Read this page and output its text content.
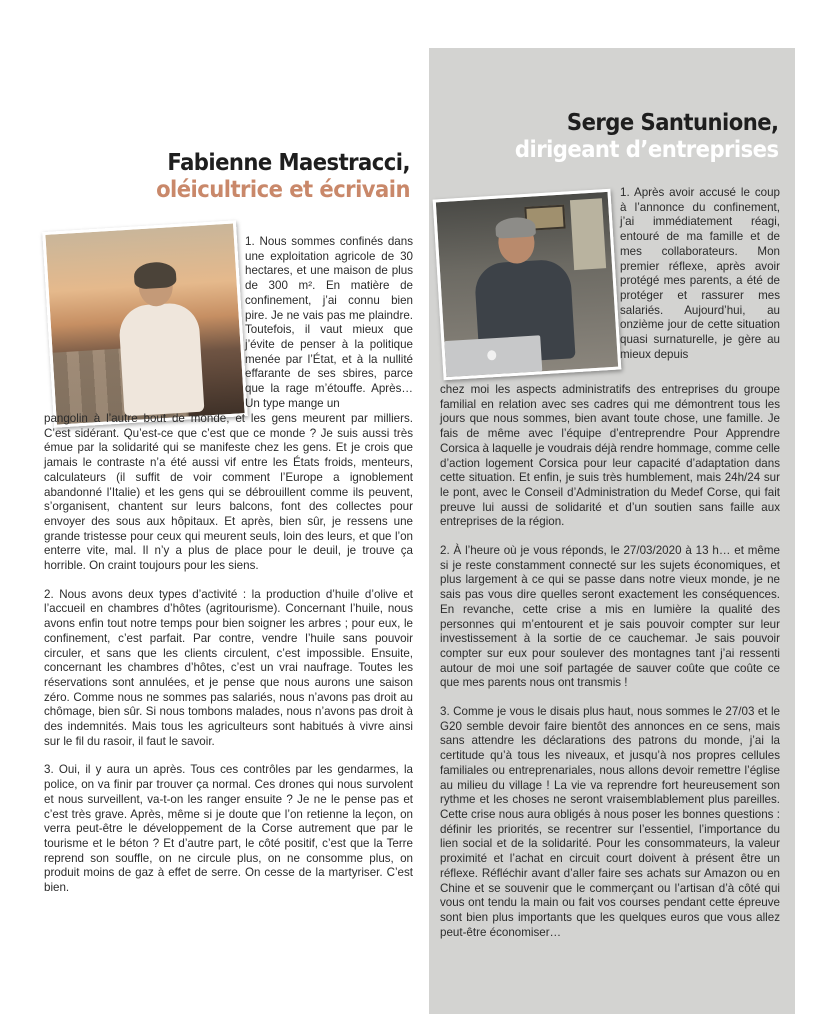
Fabienne Maestracci,
oléicultrice et écrivain
Serge Santunione,
dirigeant d’entreprises
1. Nous sommes confinés dans une exploitation agricole de 30 hectares, et une maison de plus de 300 m². En matière de confinement, j’ai connu bien pire. Je ne vais pas me plaindre. Toutefois, il vaut mieux que j’évite de penser à la politique menée par l’État, et à la nullité effarante de ses sbires, parce que la rage m’étouffe. Après… Un type mange un

pangolin à l’autre bout de monde, et les gens meurent par milliers. C’est sidérant. Qu’est-ce que c’est que ce monde ? Je suis aussi très émue par la solidarité qui se manifeste chez les gens. Et je crois que jamais le contraste n’a été aussi vif entre les États froids, menteurs, calculateurs (il suffit de voir comment l’Europe a ignoblement abandonné l’Italie) et les gens qui se débrouillent comme ils peuvent, s’organisent, chantent sur leurs balcons, font des collectes pour envoyer des sous aux hôpitaux. Et après, bien sûr, je ressens une grande tristesse pour ceux qui meurent seuls, loin des leurs, et que l’on enterre vite, mal. Il n’y a plus de place pour le deuil, je trouve ça horrible. On craint toujours pour les siens.

2. Nous avons deux types d’activité : la production d’huile d’olive et l’accueil en chambres d’hôtes (agritourisme). Concernant l’huile, nous avons enfin tout notre temps pour bien soigner les arbres ; pour eux, le confinement, c’est parfait. Par contre, vendre l’huile sans pouvoir circuler, et sans que les clients circulent, c’est impossible. Ensuite, concernant les chambres d’hôtes, c’est un vrai naufrage. Toutes les réservations sont annulées, et je pense que nous aurons une saison zéro. Comme nous ne sommes pas salariés, nous n’avons pas droit au chômage, bien sûr. Si nous tombons malades, nous n’avons pas droit à des indemnités. Mais tous les agriculteurs sont habitués à vivre ainsi sur le fil du rasoir, il faut le savoir.

3. Oui, il y aura un après. Tous ces contrôles par les gendarmes, la police, on va finir par trouver ça normal. Ces drones qui nous survolent et nous surveillent, va-t-on les ranger ensuite ? Je ne le pense pas et c’est très grave. Après, même si je doute que l’on retienne la leçon, on verra peut-être le développement de la Corse autrement que par le tourisme et le béton ? Et d’autre part, le côté positif, c’est que la Terre reprend son souffle, on ne circule plus, on ne consomme plus, on produit moins de gaz à effet de serre. On cesse de la martyriser. C’est bien.

1. Après avoir accusé le coup à l’annonce du confinement, j’ai immédiatement réagi, entouré de ma famille et de mes collaborateurs. Mon premier réflexe, après avoir protégé mes parents, a été de protéger et rassurer mes salariés. Aujourd’hui, au onzième jour de cette situation quasi surnaturelle, je gère au mieux depuis

chez moi les aspects administratifs des entreprises du groupe familial en relation avec ses cadres qui me démontrent tous les jours que nous sommes, bien avant toute chose, une famille. Je fais de même avec l’équipe d’entreprendre Pour Apprendre Corsica à laquelle je voudrais déjà rendre hommage, comme celle d’action logement Corsica pour leur capacité d’adaptation dans cette situation. Et enfin, je suis très humblement, mais 24h/24 sur le pont, avec le Conseil d’Administration du Medef Corse, qui fait preuve lui aussi de solidarité et d’un soutien sans faille aux entreprises de la région.

2. À l’heure où je vous réponds, le 27/03/2020 à 13 h… et même si je reste constamment connecté sur les sujets économiques, et plus largement à ce qui se passe dans notre vieux monde, je ne sais pas vous dire quelles seront exactement les conséquences. En revanche, cette crise a mis en lumière la qualité des personnes qui m’entourent et je sais pouvoir compter sur leur investissement à la sortie de ce cauchemar. Je sais pouvoir compter sur eux pour soulever des montagnes tant j’ai ressenti autour de moi une soif partagée de sauver coûte que coûte ce que mes parents nous ont transmis !

3. Comme je vous le disais plus haut, nous sommes le 27/03 et le G20 semble devoir faire bientôt des annonces en ce sens, mais sans attendre les déclarations des patrons du monde, j’ai la certitude qu’à tous les niveaux, et jusqu’à nos propres cellules familiales ou entreprenariales, nous allons devoir remettre l’église au milieu du village ! La vie va reprendre fort heureusement son rythme et les choses ne seront vraisemblablement plus pareilles. Cette crise nous aura obligés à nous poser les bonnes questions : définir les priorités, se recentrer sur l’essentiel, l’importance du lien social et de la solidarité. Pour les consommateurs, la valeur proximité et l’achat en circuit court doivent à présent être un réflexe. Réfléchir avant d’aller faire ses achats sur Amazon ou en Chine et se souvenir que le commerçant ou l’artisan d’à côté qui vous ont tendu la main ou fait vos courses pendant cette épreuve sont bien plus importants que les quelques euros que vous allez peut-être économiser…
